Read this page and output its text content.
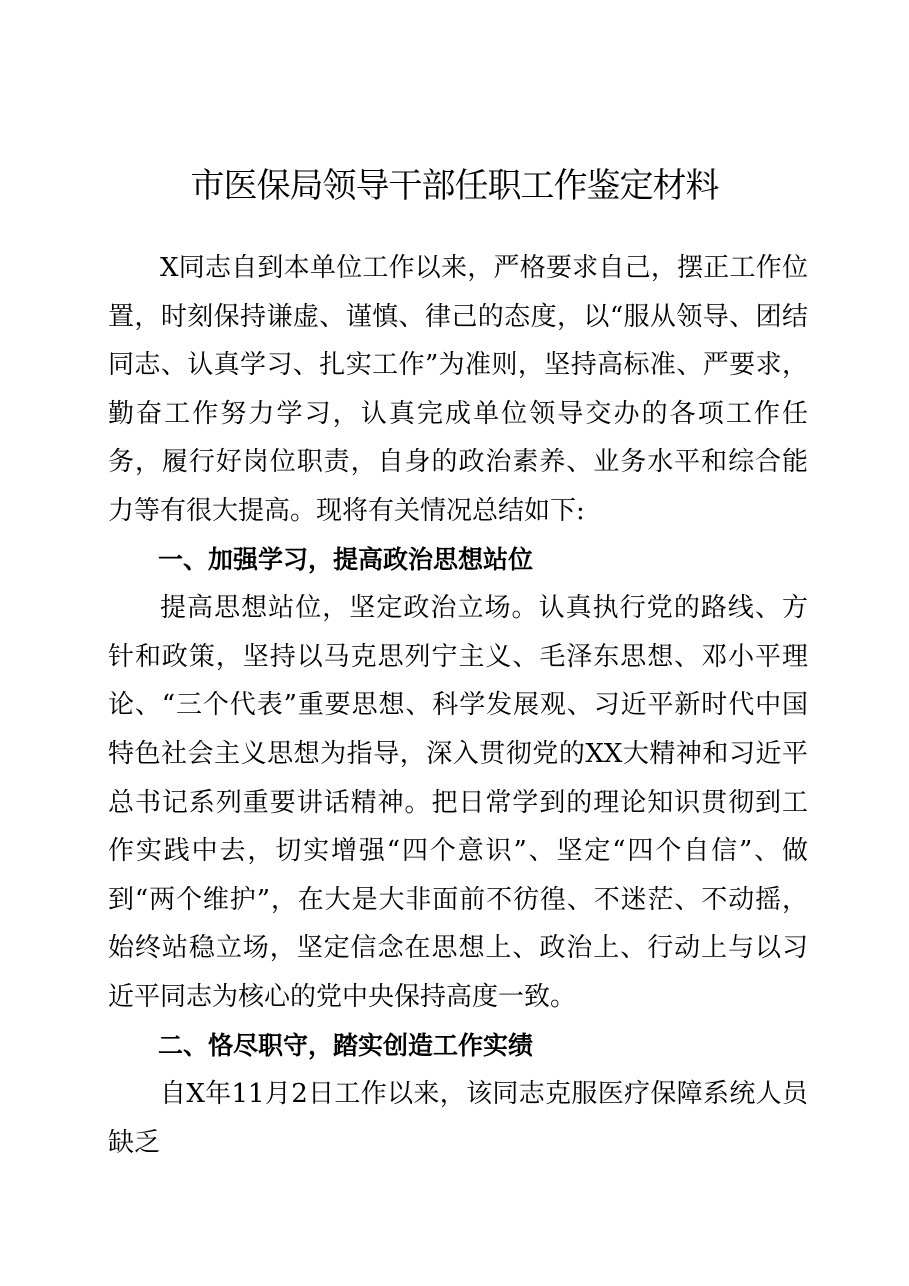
市医保局领导干部任职工作鉴定材料

X同志自到本单位工作以来，严格要求自己，摆正工作位置，时刻保持谦虚、谨慎、律己的态度，以“服从领导、团结同志、认真学习、扎实工作”为准则，坚持高标准、严要求，勤奋工作努力学习，认真完成单位领导交办的各项工作任务，履行好岗位职责，自身的政治素养、业务水平和综合能力等有很大提高。现将有关情况总结如下:

一、加强学习，提高政治思想站位

提高思想站位，坚定政治立场。认真执行党的路线、方针和政策，坚持以马克思列宁主义、毛泽东思想、邓小平理论、“三个代表”重要思想、科学发展观、习近平新时代中国特色社会主义思想为指导，深入贯彻党的XX大精神和习近平总书记系列重要讲话精神。把日常学到的理论知识贯彻到工作实践中去，切实增强“四个意识”、坚定“四个自信”、做到“两个维护”，在大是大非面前不彷徨、不迷茫、不动摇，始终站稳立场，坚定信念在思想上、政治上、行动上与以习近平同志为核心的党中央保持高度一致。

二、恪尽职守，踏实创造工作实绩

自X年11月2日工作以来，该同志克服医疗保障系统人员缺乏
